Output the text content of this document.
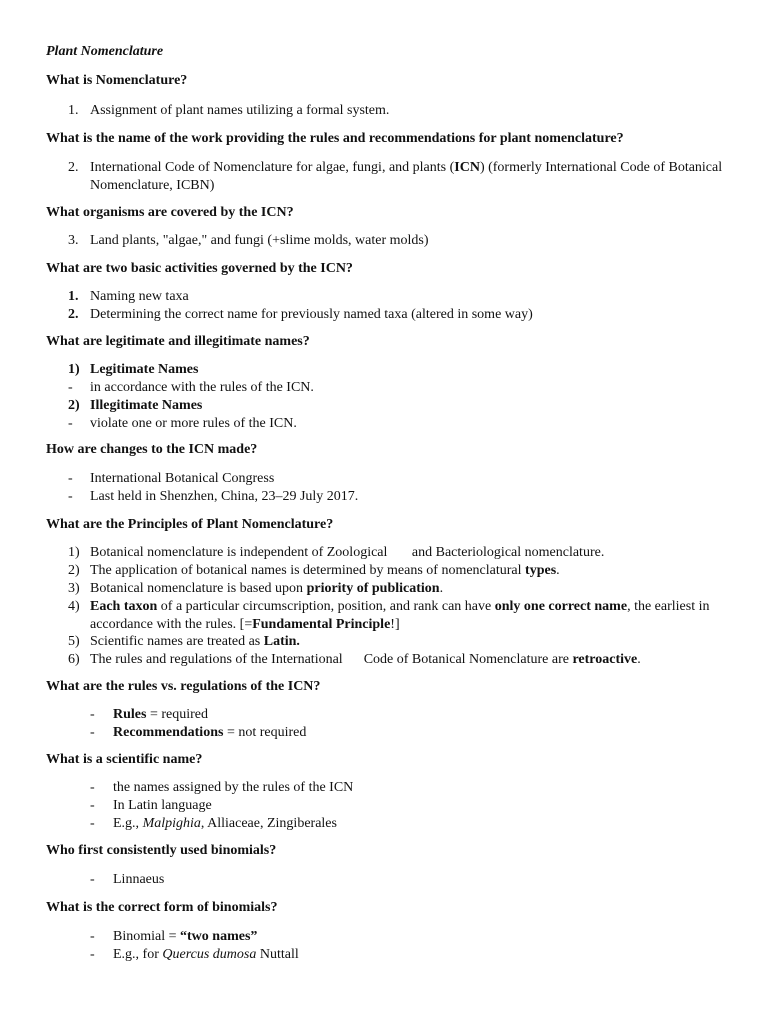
Plant Nomenclature
What is Nomenclature?
1. Assignment of plant names utilizing a formal system.
What is the name of the work providing the rules and recommendations for plant nomenclature?
2. International Code of Nomenclature for algae, fungi, and plants (ICN) (formerly International Code of Botanical Nomenclature, ICBN)
What organisms are covered by the ICN?
3. Land plants, "algae," and fungi (+slime molds, water molds)
What are two basic activities governed by the ICN?
1. Naming new taxa
2. Determining the correct name for previously named taxa (altered in some way)
What are legitimate and illegitimate names?
1) Legitimate Names
- in accordance with the rules of the ICN.
2) Illegitimate Names
- violate one or more rules of the ICN.
How are changes to the ICN made?
- International Botanical Congress
- Last held in Shenzhen, China, 23–29 July 2017.
What are the Principles of Plant Nomenclature?
1) Botanical nomenclature is independent of Zoological       and Bacteriological nomenclature.
2) The application of botanical names is determined by means of nomenclatural types.
3) Botanical nomenclature is based upon priority of publication.
4) Each taxon of a particular circumscription, position, and rank can have only one correct name, the earliest in accordance with the rules. [=Fundamental Principle!]
5) Scientific names are treated as Latin.
6) The rules and regulations of the International      Code of Botanical Nomenclature are retroactive.
What are the rules vs. regulations of the ICN?
- Rules = required
- Recommendations = not required
What is a scientific name?
- the names assigned by the rules of the ICN
- In Latin language
- E.g., Malpighia, Alliaceae, Zingiberales
Who first consistently used binomials?
- Linnaeus
What is the correct form of binomials?
- Binomial = “two names”
- E.g., for Quercus dumosa Nuttall
